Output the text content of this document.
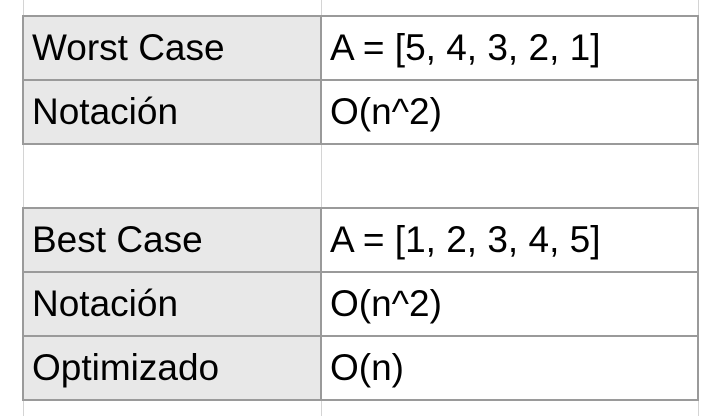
Worst Case	A = [5, 4, 3, 2, 1]
Notación	O(n^2)
Best Case	A = [1, 2, 3, 4, 5]
Notación	O(n^2)
Optimizado	O(n)
